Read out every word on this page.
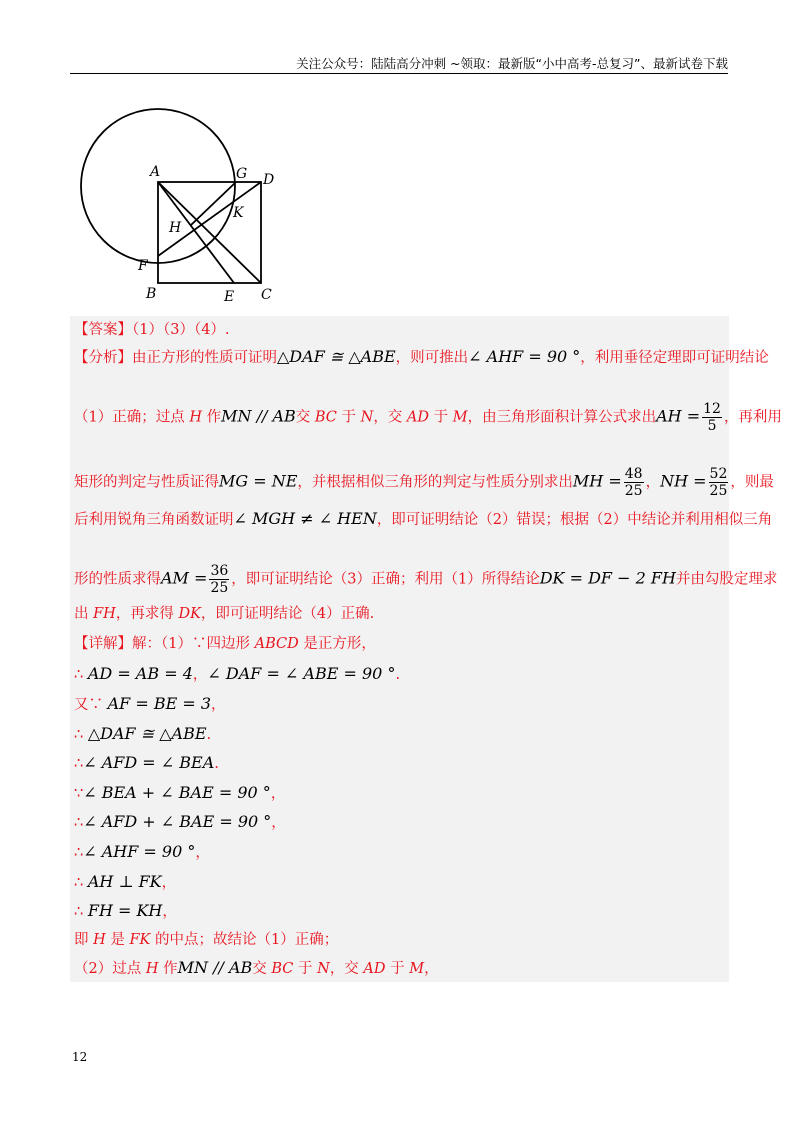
关注公众号：陆陆高分冲刺 ~领取：最新版“小中高考-总复习”、最新试卷下载
A	G D
H
K
F
B	E C
【答案】（1）（3）（4）.
【分析】由正方形的性质可证明△DAF ≅ △ABE，则可推出∠ AHF = 90 °，利用垂径定理即可证明结论
（1）正确；过点 H 作MN // AB交 BC 于 N，交 AD 于 M，由三角形面积计算公式求出AH = $\frac{12}{5}$ ，再利用
矩形的判定与性质证得MG = NE，并根据相似三角形的判定与性质分别求出MH = $\frac{48}{25}$ ，NH = $\frac{52}{25}$ ，则最
后利用锐角三角函数证明∠ MGH ≠ ∠ HEN，即可证明结论（2）错误；根据（2）中结论并利用相似三角
形的性质求得AM = $\frac{36}{25}$ ，即可证明结论（3）正确；利用（1）所得结论DK = DF − 2 FH并由勾股定理求
出 FH，再求得 DK，即可证明结论（4）正确.
【详解】解：（1）∵四边形 ABCD 是正方形，
∴ AD = AB = 4，∠ DAF = ∠ ABE = 90 °.
又∵ AF = BE = 3，
∴ △DAF ≅ △ABE.
∴∠ AFD = ∠ BEA.
∵∠ BEA + ∠ BAE = 90 °，
∴∠ AFD + ∠ BAE = 90 °，
∴∠ AHF = 90 °，
∴ AH ⊥ FK，
∴ FH = KH，
即 H 是 FK 的中点；故结论（1）正确；
（2）过点 H 作MN // AB交 BC 于 N，交 AD 于 M，
12
